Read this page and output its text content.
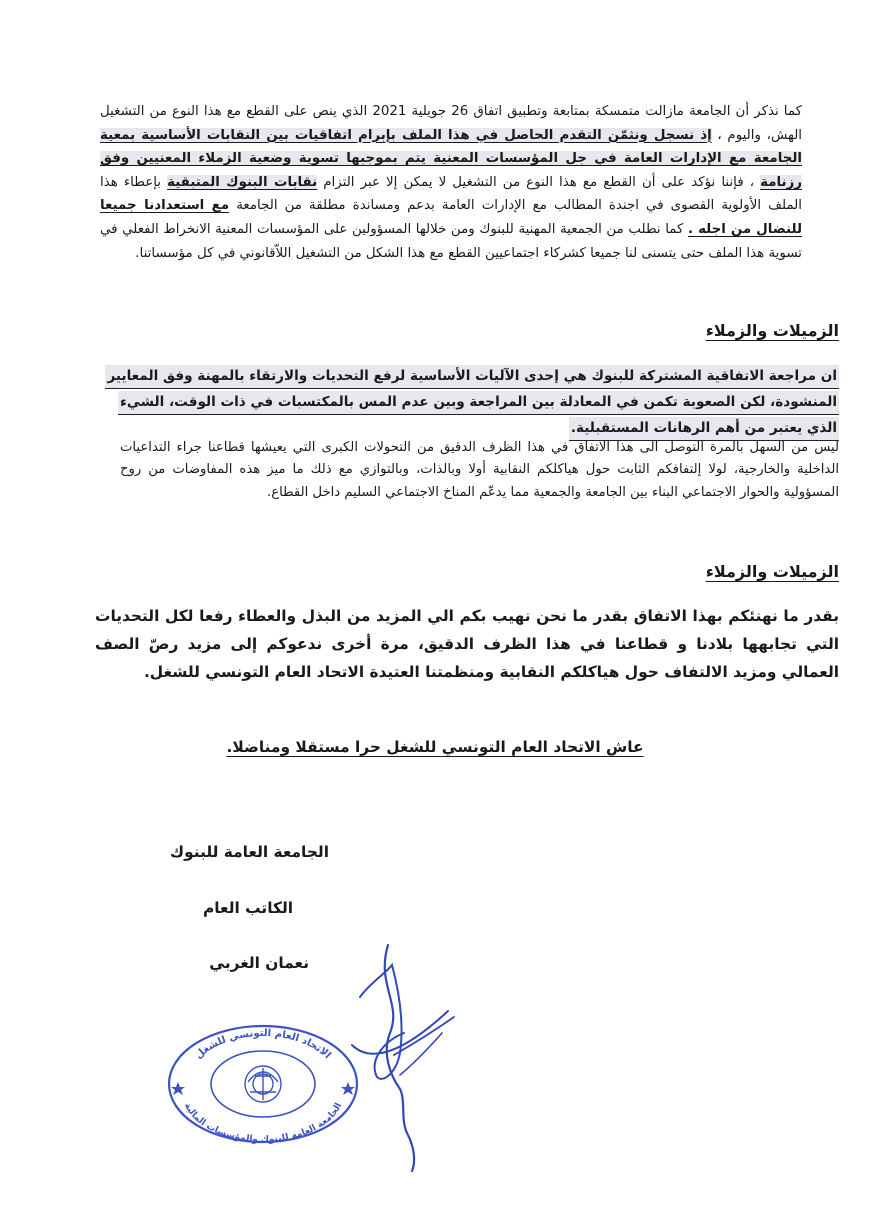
كما نذكر أن الجامعة مازالت متمسكة بمتابعة وتطبيق اتفاق 26 جويلية 2021 الذي ينص على القطع مع هذا النوع من التشغيل الهش، واليوم ، إذ نسجل ونثمّن التقدم الحاصل في هذا الملف بإبرام اتفاقيات بين النقابات الأساسية بمعية الجامعة مع الإدارات العامة في جل المؤسسات المعنية يتم بموجبها تسوية وضعية الزملاء المعنيين وفق رزنامة ، فإننا نؤكد على أن القطع مع هذا النوع من التشغيل لا يمكن إلا عبر التزام نقابات البنوك المتبقية بإعطاء هذا الملف الأولوية القصوى في اجندة المطالب مع الإدارات العامة بدعم ومساندة مطلقة من الجامعة مع استعدادنا جميعا للنضال من اجله . كما نطلب من الجمعية المهنية للبنوك ومن خلالها المسؤولين على المؤسسات المعنية الانخراط الفعلي في تسوية هذا الملف حتى يتسنى لنا جميعا كشركاء اجتماعيين القطع مع هذا الشكل من التشغيل اللاّقانوني في كل مؤسساتنا.
الزميلات والزملاء
ان مراجعة الاتفاقية المشتركة للبنوك هي إحدى الآليات الأساسية لرفع التحديات والارتقاء بالمهنة وفق المعايير
المنشودة، لكن الصعوبة تكمن في المعادلة بين المراجعة وبين عدم المس بالمكتسبات في ذات الوقت، الشيء
الذي يعتبر من أهم الرهانات المستقبلية.
ليس من السهل بالمرة التوصل الى هذا الاتفاق في هذا الظرف الدقيق من التحولات الكبرى التي يعيشها قطاعنا جراء التداعيات الداخلية والخارجية، لولا إلتفافكم الثابت حول هياكلكم النقابية أولا وبالذات، وبالتوازي مع ذلك ما ميز هذه المفاوضات من روح المسؤولية والحوار الاجتماعي البناء بين الجامعة والجمعية مما يدعّم المناخ الاجتماعي السليم داخل القطاع.
الزميلات والزملاء
بقدر ما نهنئكم بهذا الاتفاق بقدر ما نحن نهيب بكم الي المزيد من البذل والعطاء رفعا لكل التحديات التي تجابهها بلادنا و قطاعنا في هذا الظرف الدقيق، مرة أخرى ندعوكم إلى مزيد رصّ الصف العمالي ومزيد الالتفاف حول هياكلكم النقابية ومنظمتنا العتيدة الاتحاد العام التونسي للشغل.
عاش الاتحاد العام التونسي للشغل حرا مستقلا ومناضلا.
الجامعة العامة للبنوك
الكاتب العام
نعمان الغربي
الاتحاد العام التونسي للشغل
الجامعة العامة للبنوك والمؤسسات المالية
